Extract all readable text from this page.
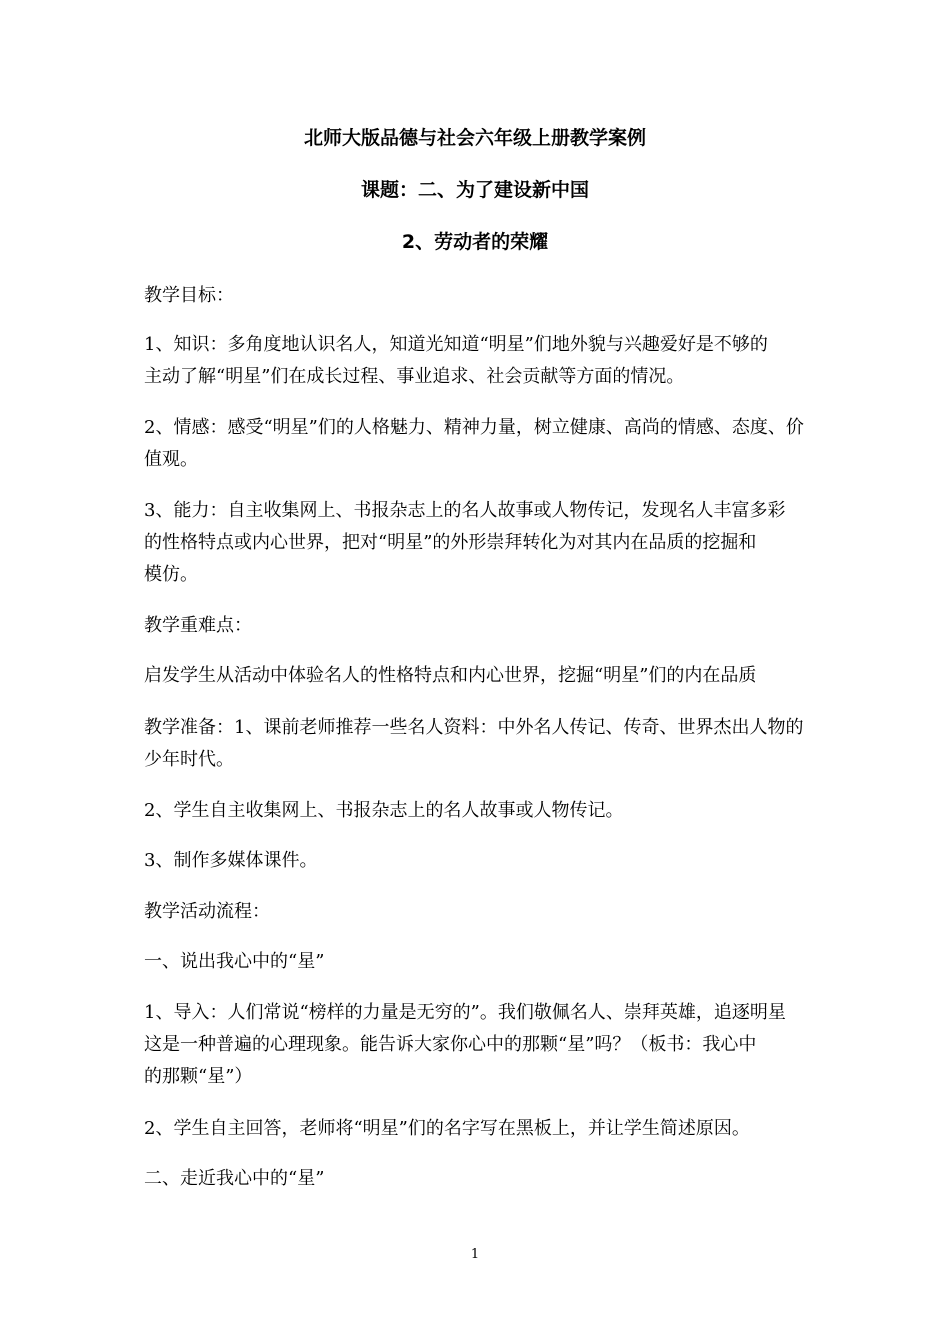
北师大版品德与社会六年级上册教学案例
课题：二、为了建设新中国
2、劳动者的荣耀
教学目标：
1、知识：多角度地认识名人，知道光知道“明星”们地外貌与兴趣爱好是不够的
主动了解“明星”们在成长过程、事业追求、社会贡献等方面的情况。
2、情感：感受“明星”们的人格魅力、精神力量，树立健康、高尚的情感、态度、价
值观。
3、能力：自主收集网上、书报杂志上的名人故事或人物传记，发现名人丰富多彩
的性格特点或内心世界，把对“明星”的外形崇拜转化为对其内在品质的挖掘和
模仿。
教学重难点：
启发学生从活动中体验名人的性格特点和内心世界，挖掘“明星”们的内在品质
教学准备：1、课前老师推荐一些名人资料：中外名人传记、传奇、世界杰出人物的
少年时代。
2、学生自主收集网上、书报杂志上的名人故事或人物传记。
3、制作多媒体课件。
教学活动流程：
一、说出我心中的“星”
1、导入：人们常说“榜样的力量是无穷的”。我们敬佩名人、崇拜英雄，追逐明星
这是一种普遍的心理现象。能告诉大家你心中的那颗“星”吗？（板书：我心中
的那颗“星”）
2、学生自主回答，老师将“明星”们的名字写在黑板上，并让学生简述原因。
二、走近我心中的“星”
1
